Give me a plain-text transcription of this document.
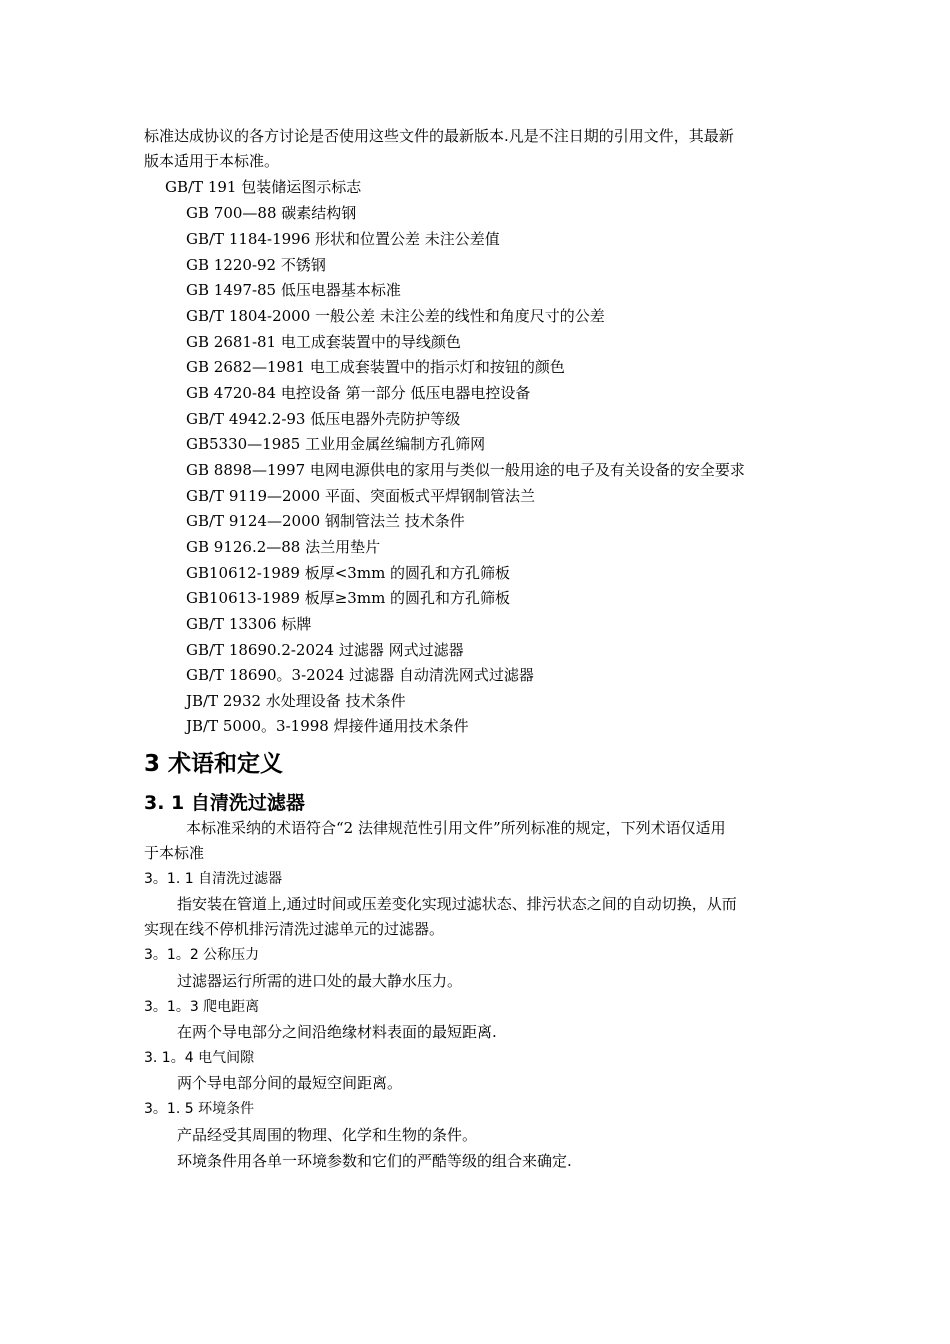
标准达成协议的各方讨论是否使用这些文件的最新版本.凡是不注日期的引用文件，其最新
版本适用于本标准。
GB/T 191 包装储运图示标志
GB 700—88 碳素结构钢
GB/T 1184-1996 形状和位置公差 未注公差值
GB 1220-92 不锈钢
GB 1497-85 低压电器基本标准
GB/T 1804-2000 一般公差 未注公差的线性和角度尺寸的公差
GB 2681-81 电工成套装置中的导线颜色
GB 2682—1981 电工成套装置中的指示灯和按钮的颜色
GB 4720-84 电控设备 第一部分 低压电器电控设备
GB/T 4942.2-93 低压电器外壳防护等级
GB5330—1985 工业用金属丝编制方孔筛网
GB 8898—1997 电网电源供电的家用与类似一般用途的电子及有关设备的安全要求
GB/T 9119—2000 平面、突面板式平焊钢制管法兰
GB/T 9124—2000 钢制管法兰 技术条件
GB 9126.2—88 法兰用垫片
GB10612-1989 板厚<3mm 的圆孔和方孔筛板
GB10613-1989 板厚≥3mm 的圆孔和方孔筛板
GB/T 13306 标牌
GB/T 18690.2-2024 过滤器 网式过滤器
GB/T 18690。3-2024 过滤器 自动清洗网式过滤器
JB/T 2932 水处理设备 技术条件
JB/T 5000。3-1998 焊接件通用技术条件
3 术语和定义
3. 1 自清洗过滤器
本标准采纳的术语符合“2 法律规范性引用文件”所列标准的规定，下列术语仅适用
于本标准
3。1. 1 自清洗过滤器
指安装在管道上,通过时间或压差变化实现过滤状态、排污状态之间的自动切换，从而
实现在线不停机排污清洗过滤单元的过滤器。
3。1。2 公称压力
过滤器运行所需的进口处的最大静水压力。
3。1。3 爬电距离
在两个导电部分之间沿绝缘材料表面的最短距离.
3. 1。4 电气间隙
两个导电部分间的最短空间距离。
3。1. 5 环境条件
产品经受其周围的物理、化学和生物的条件。
环境条件用各单一环境参数和它们的严酷等级的组合来确定.
